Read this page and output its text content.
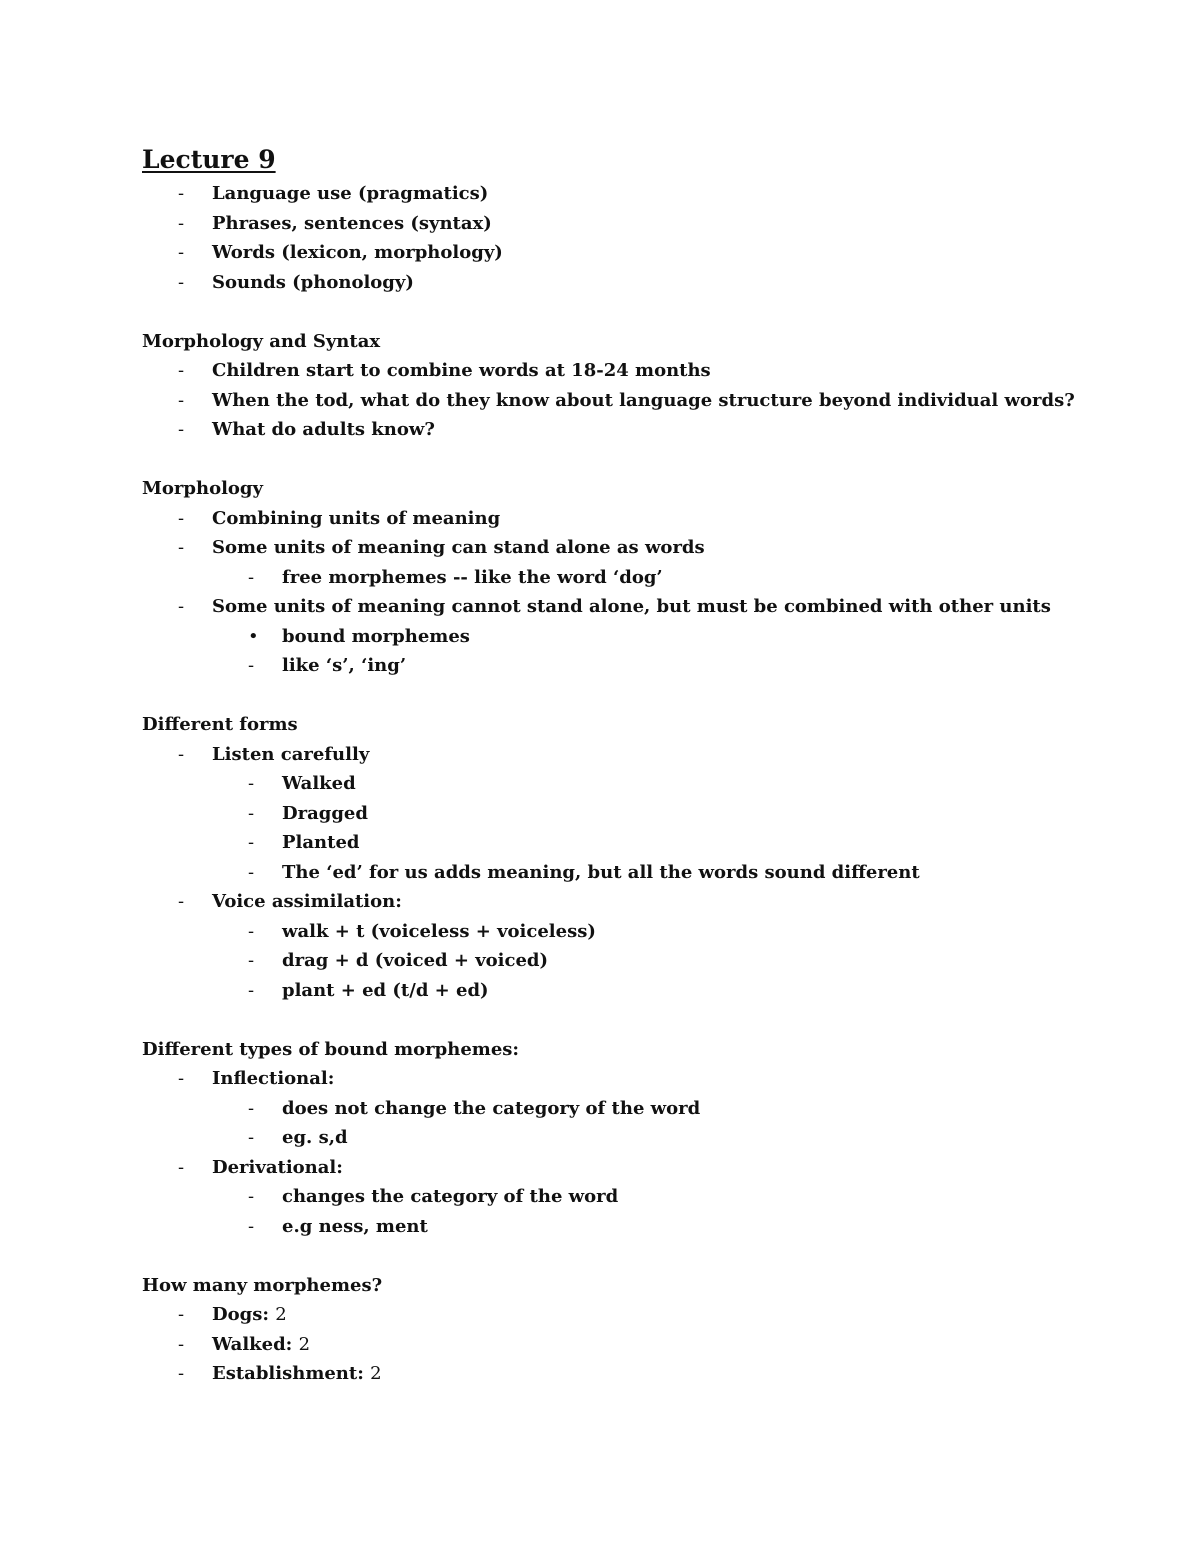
Lecture 9
-	Language use (pragmatics)
-	Phrases, sentences (syntax)
-	Words (lexicon, morphology)
-	Sounds (phonology)
Morphology and Syntax
-	Children start to combine words at 18-24 months
-	When the tod, what do they know about language structure beyond individual words?
-	What do adults know?
Morphology
-	Combining units of meaning
-	Some units of meaning can stand alone as words
-	free morphemes -- like the word ‘dog’
-	Some units of meaning cannot stand alone, but must be combined with other units
•	bound morphemes
-	like ‘s’, ‘ing’
Different forms
-	Listen carefully
-	Walked
-	Dragged
-	Planted
-	The ‘ed’ for us adds meaning, but all the words sound different
-	Voice assimilation:
-	walk + t (voiceless + voiceless)
-	drag + d (voiced + voiced)
-	plant + ed (t/d + ed)
Different types of bound morphemes:
-	Inflectional:
-	does not change the category of the word
-	eg. s,d
-	Derivational:
-	changes the category of the word
-	e.g ness, ment
How many morphemes?
-	Dogs: 2
-	Walked: 2
-	Establishment: 2
